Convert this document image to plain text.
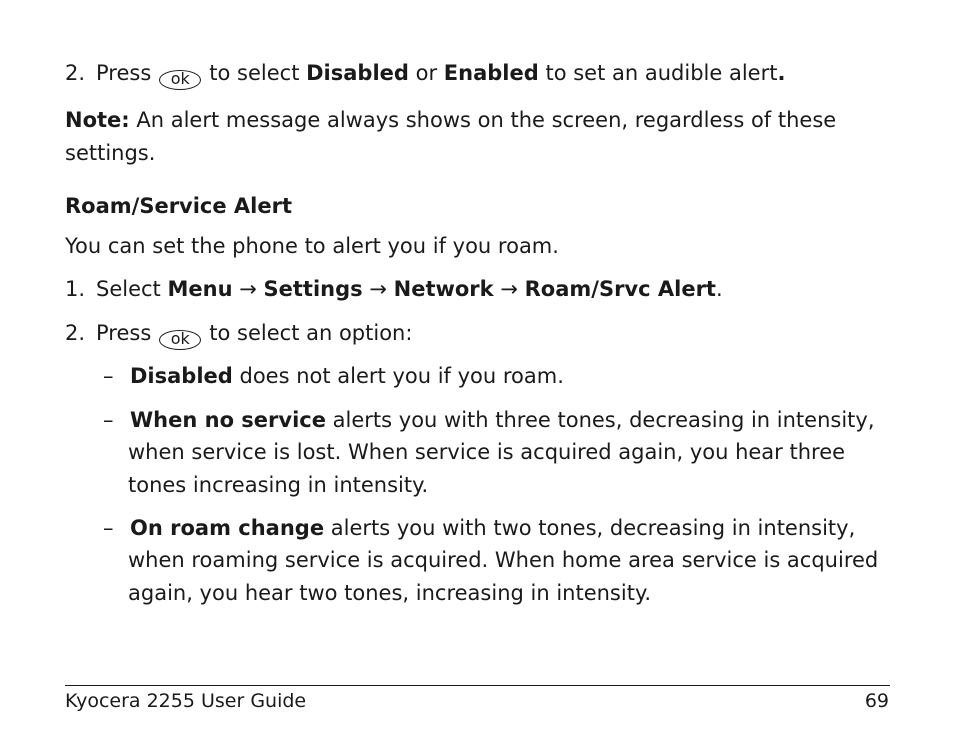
2. Press ok to select Disabled or Enabled to set an audible alert.
Note: An alert message always shows on the screen, regardless of these
settings.
Roam/Service Alert
You can set the phone to alert you if you roam.
1. Select Menu → Settings → Network → Roam/Srvc Alert.
2. Press ok to select an option:
– Disabled does not alert you if you roam.
– When no service alerts you with three tones, decreasing in intensity,
when service is lost. When service is acquired again, you hear three
tones increasing in intensity.
– On roam change alerts you with two tones, decreasing in intensity,
when roaming service is acquired. When home area service is acquired
again, you hear two tones, increasing in intensity.
Kyocera 2255 User Guide	69
